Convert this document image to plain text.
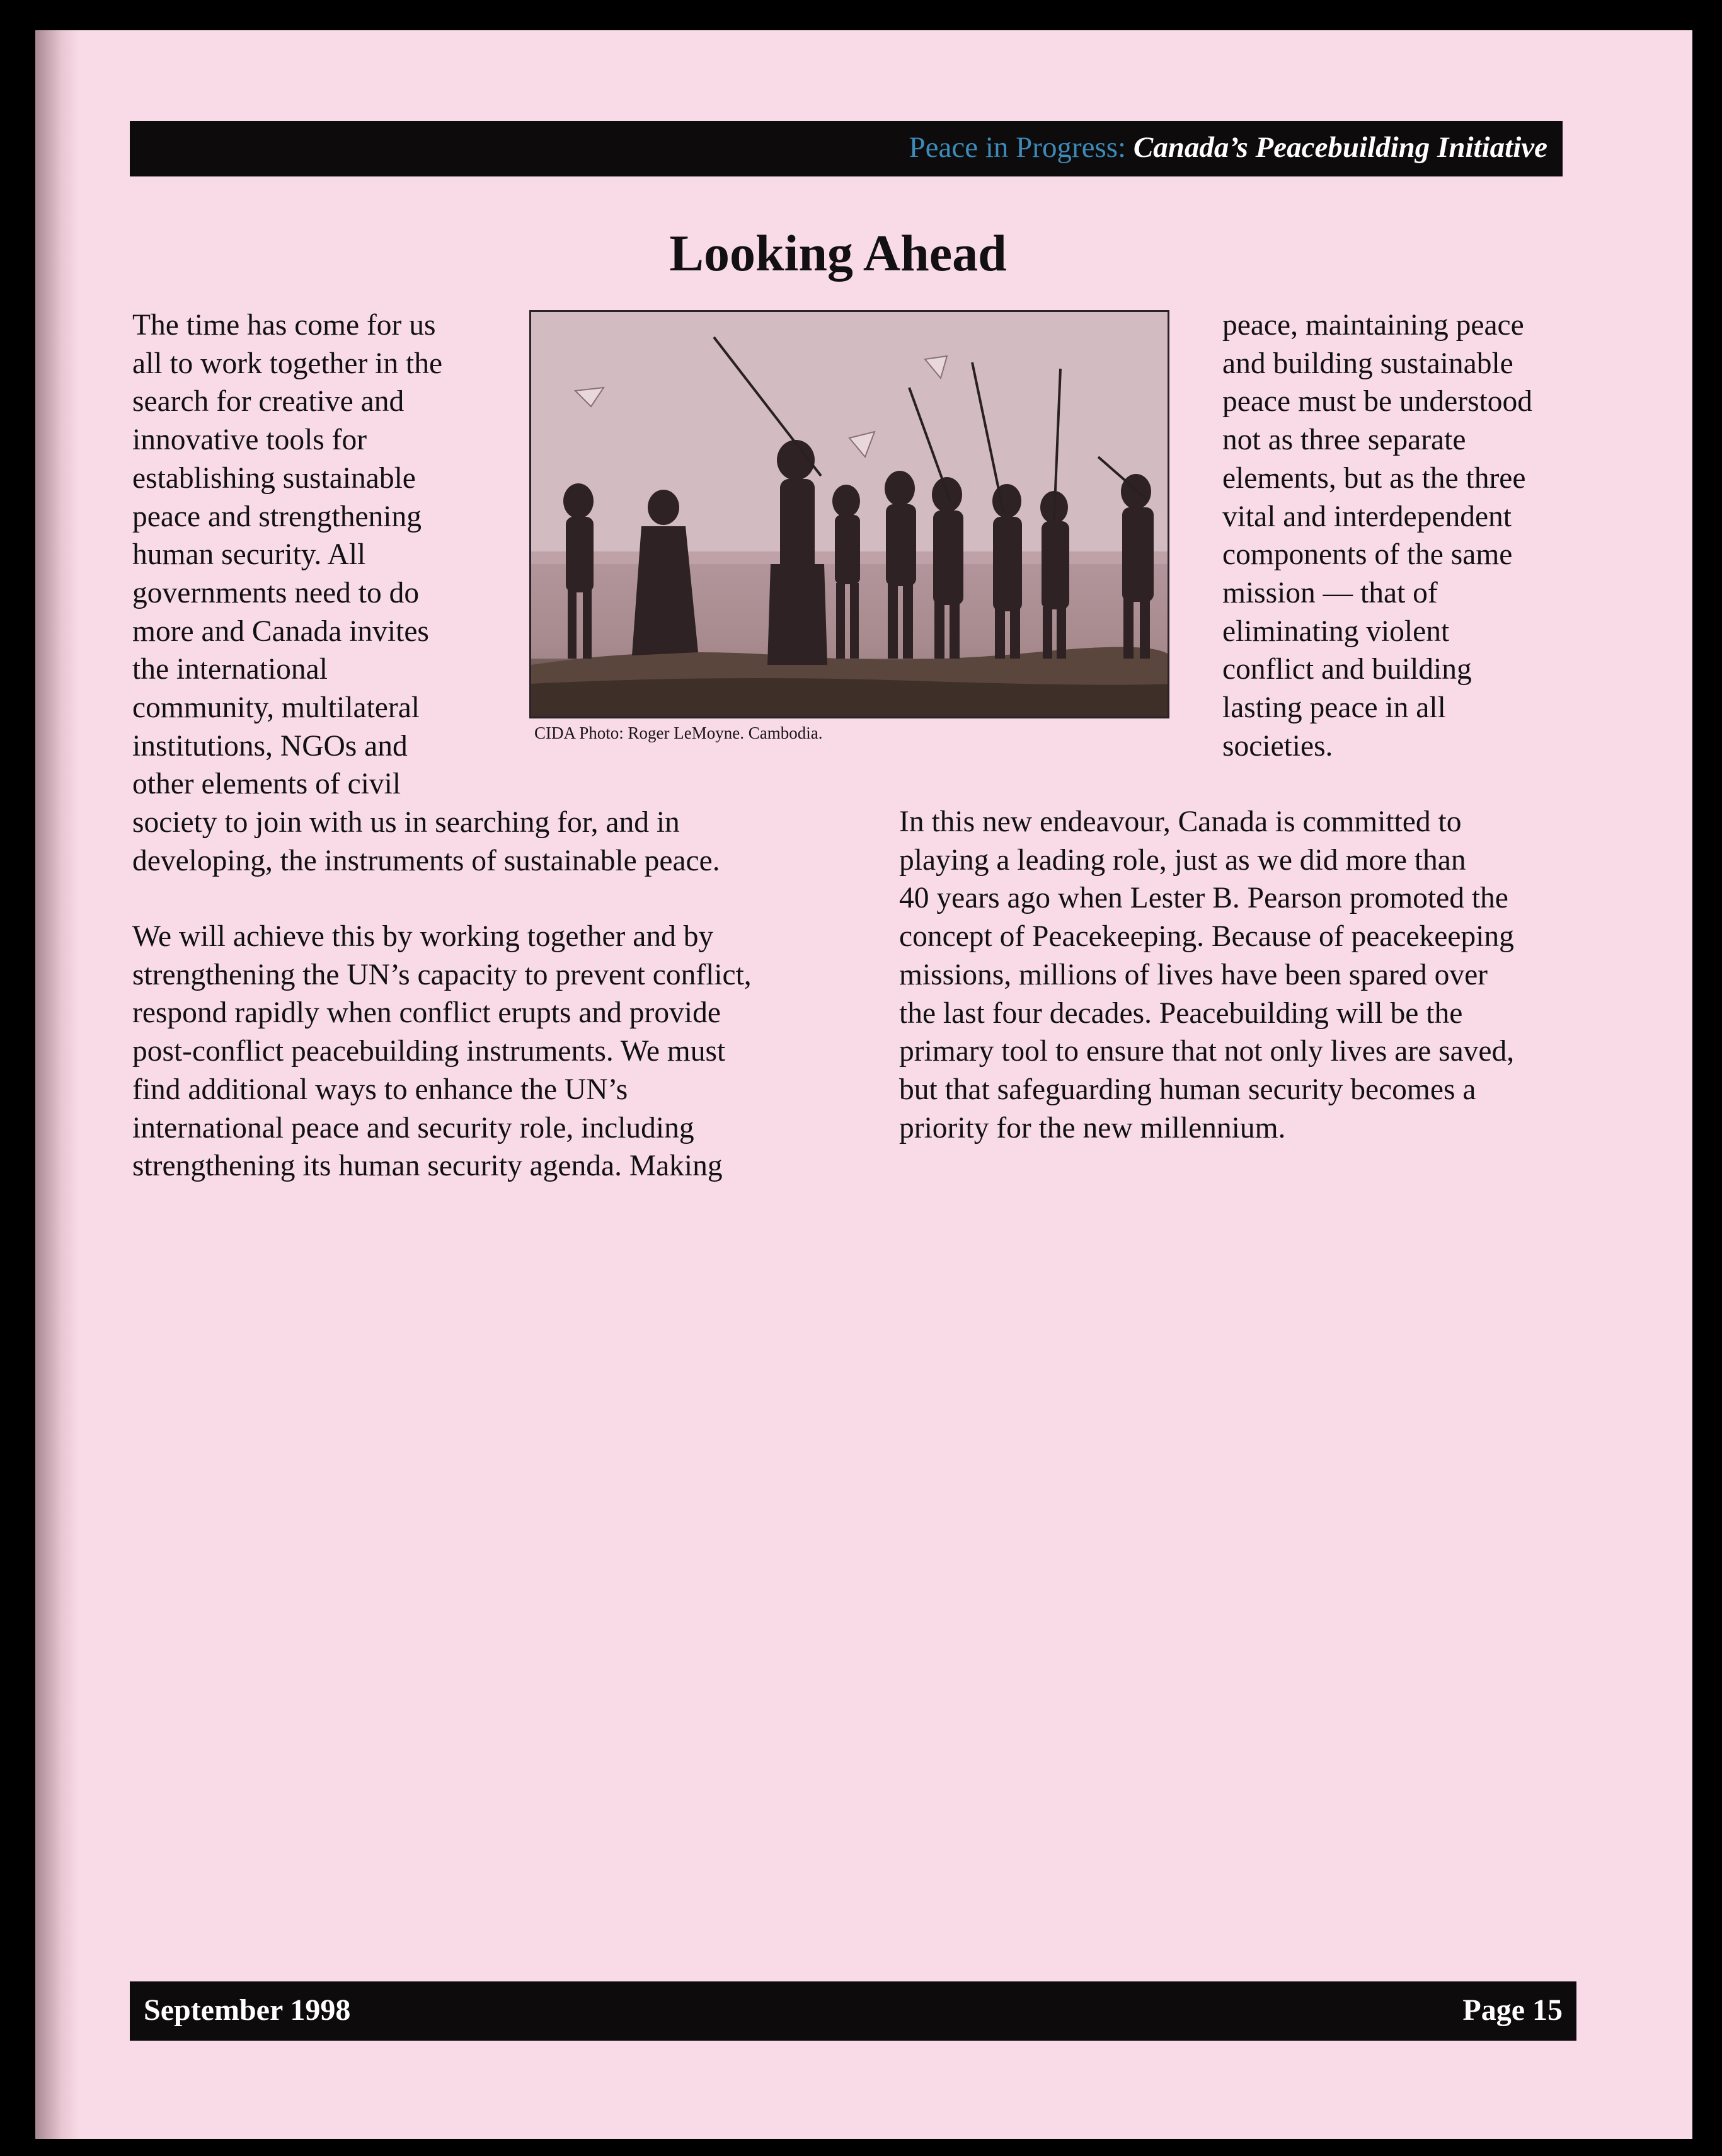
Peace in Progress: Canada’s Peacebuilding Initiative
Looking Ahead
The time has come for us
all to work together in the
search for creative and
innovative tools for
establishing sustainable
peace and strengthening
human security. All
governments need to do
more and Canada invites
the international
community, multilateral
institutions, NGOs and
other elements of civil
society to join with us in searching for, and in
developing, the instruments of sustainable peace.
We will achieve this by working together and by
strengthening the UN’s capacity to prevent conflict,
respond rapidly when conflict erupts and provide
post-conflict peacebuilding instruments. We must
find additional ways to enhance the UN’s
international peace and security role, including
strengthening its human security agenda. Making
peace, maintaining peace
and building sustainable
peace must be understood
not as three separate
elements, but as the three
vital and interdependent
components of the same
mission — that of
eliminating violent
conflict and building
lasting peace in all
societies.
In this new endeavour, Canada is committed to
playing a leading role, just as we did more than
40 years ago when Lester B. Pearson promoted the
concept of Peacekeeping. Because of peacekeeping
missions, millions of lives have been spared over
the last four decades. Peacebuilding will be the
primary tool to ensure that not only lives are saved,
but that safeguarding human security becomes a
priority for the new millennium.
CIDA Photo: Roger LeMoyne. Cambodia.
September 1998	Page 15
